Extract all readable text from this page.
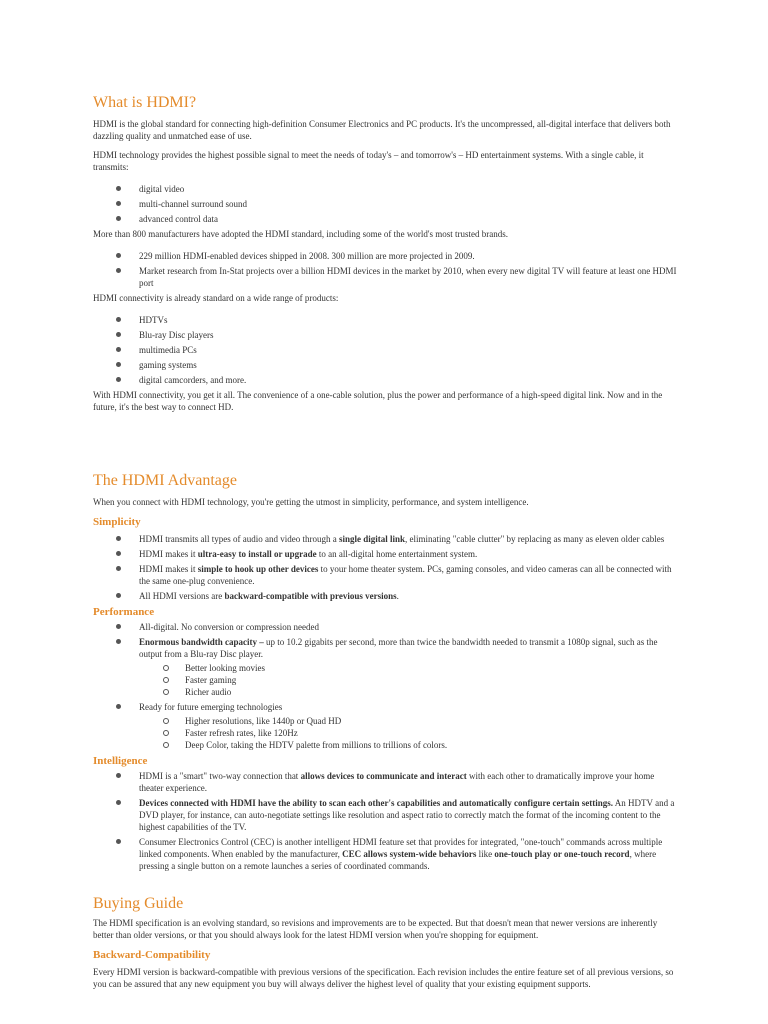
What is HDMI?

HDMI is the global standard for connecting high-definition Consumer Electronics and PC products. It's the uncompressed, all-digital interface that delivers both dazzling quality and unmatched ease of use.

HDMI technology provides the highest possible signal to meet the needs of today's – and tomorrow's – HD entertainment systems. With a single cable, it transmits:

digital video
multi-channel surround sound
advanced control data

More than 800 manufacturers have adopted the HDMI standard, including some of the world's most trusted brands.

229 million HDMI-enabled devices shipped in 2008. 300 million are more projected in 2009.
Market research from In-Stat projects over a billion HDMI devices in the market by 2010, when every new digital TV will feature at least one HDMI port

HDMI connectivity is already standard on a wide range of products:

HDTVs
Blu-ray Disc players
multimedia PCs
gaming systems
digital camcorders, and more.

With HDMI connectivity, you get it all. The convenience of a one-cable solution, plus the power and performance of a high-speed digital link. Now and in the future, it's the best way to connect HD.

The HDMI Advantage

When you connect with HDMI technology, you're getting the utmost in simplicity, performance, and system intelligence.

Simplicity
HDMI transmits all types of audio and video through a single digital link, eliminating "cable clutter" by replacing as many as eleven older cables
HDMI makes it ultra-easy to install or upgrade to an all-digital home entertainment system.
HDMI makes it simple to hook up other devices to your home theater system. PCs, gaming consoles, and video cameras can all be connected with the same one-plug convenience.
All HDMI versions are backward-compatible with previous versions.
Performance
All-digital. No conversion or compression needed
Enormous bandwidth capacity – up to 10.2 gigabits per second, more than twice the bandwidth needed to transmit a 1080p signal, such as the output from a Blu-ray Disc player.
Better looking movies
Faster gaming
Richer audio
Ready for future emerging technologies
Higher resolutions, like 1440p or Quad HD
Faster refresh rates, like 120Hz
Deep Color, taking the HDTV palette from millions to trillions of colors.
Intelligence
HDMI is a "smart" two-way connection that allows devices to communicate and interact with each other to dramatically improve your home theater experience.
Devices connected with HDMI have the ability to scan each other's capabilities and automatically configure certain settings. An HDTV and a DVD player, for instance, can auto-negotiate settings like resolution and aspect ratio to correctly match the format of the incoming content to the highest capabilities of the TV.
Consumer Electronics Control (CEC) is another intelligent HDMI feature set that provides for integrated, "one-touch" commands across multiple linked components. When enabled by the manufacturer, CEC allows system-wide behaviors like one-touch play or one-touch record, where pressing a single button on a remote launches a series of coordinated commands.
Buying Guide

The HDMI specification is an evolving standard, so revisions and improvements are to be expected. But that doesn't mean that newer versions are inherently better than older versions, or that you should always look for the latest HDMI version when you're shopping for equipment.

Backward-Compatibility

Every HDMI version is backward-compatible with previous versions of the specification. Each revision includes the entire feature set of all previous versions, so you can be assured that any new equipment you buy will always deliver the highest level of quality that your existing equipment supports.
